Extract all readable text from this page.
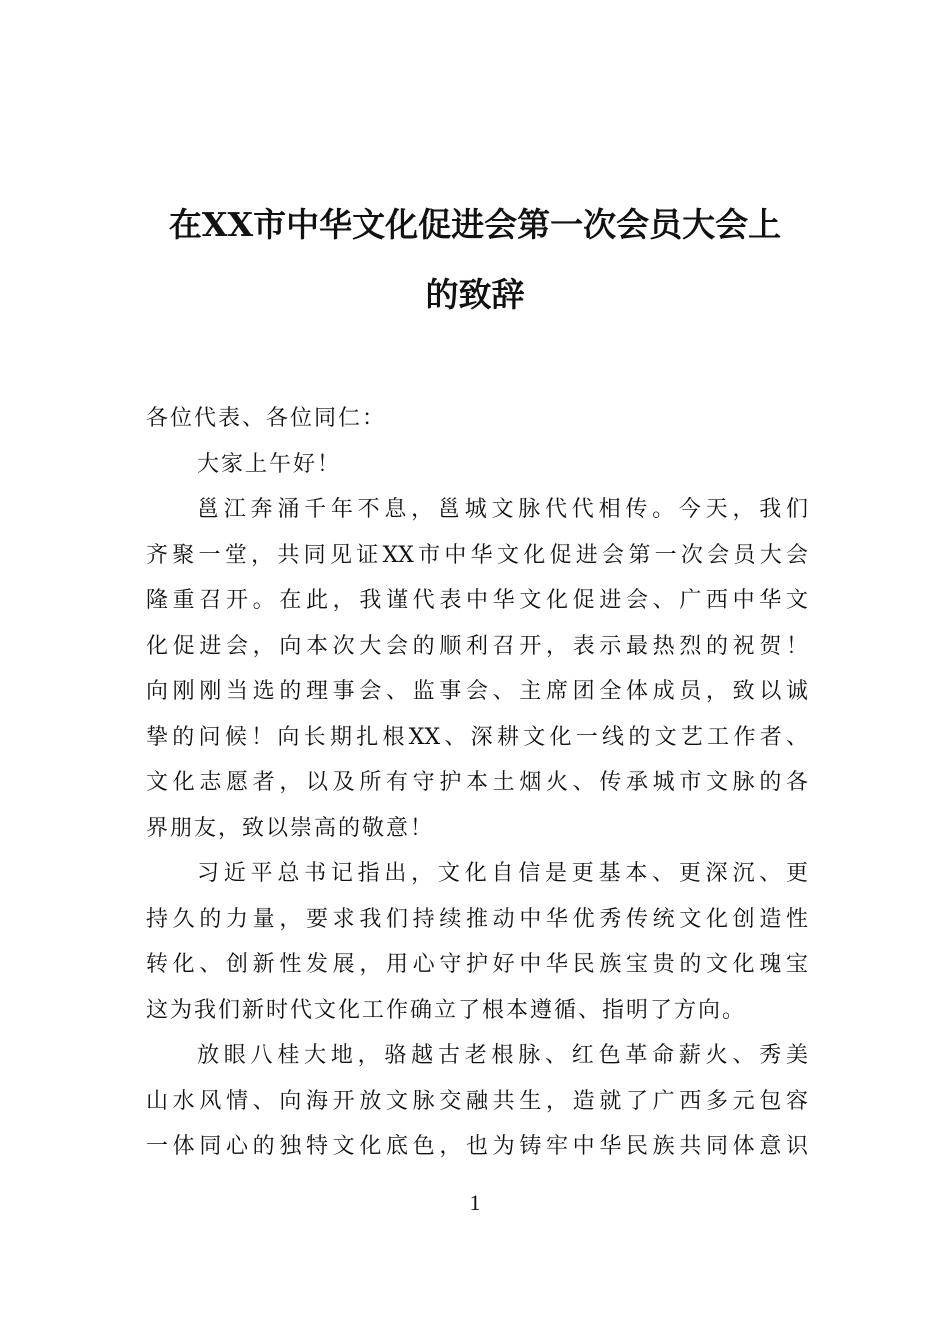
在XX市中华文化促进会第一次会员大会上
的致辞
各位代表、各位同仁：
大家上午好！
邕江奔涌千年不息，邕城文脉代代相传。今天，我们
齐聚一堂，共同见证XX市中华文化促进会第一次会员大会
隆重召开。在此，我谨代表中华文化促进会、广西中华文
化促进会，向本次大会的顺利召开，表示最热烈的祝贺！
向刚刚当选的理事会、监事会、主席团全体成员，致以诚
挚的问候！向长期扎根XX、深耕文化一线的文艺工作者、
文化志愿者，以及所有守护本土烟火、传承城市文脉的各
界朋友，致以崇高的敬意！
习近平总书记指出，文化自信是更基本、更深沉、更
持久的力量，要求我们持续推动中华优秀传统文化创造性
转化、创新性发展，用心守护好中华民族宝贵的文化瑰宝
这为我们新时代文化工作确立了根本遵循、指明了方向。
放眼八桂大地，骆越古老根脉、红色革命薪火、秀美
山水风情、向海开放文脉交融共生，造就了广西多元包容
一体同心的独特文化底色，也为铸牢中华民族共同体意识
1
